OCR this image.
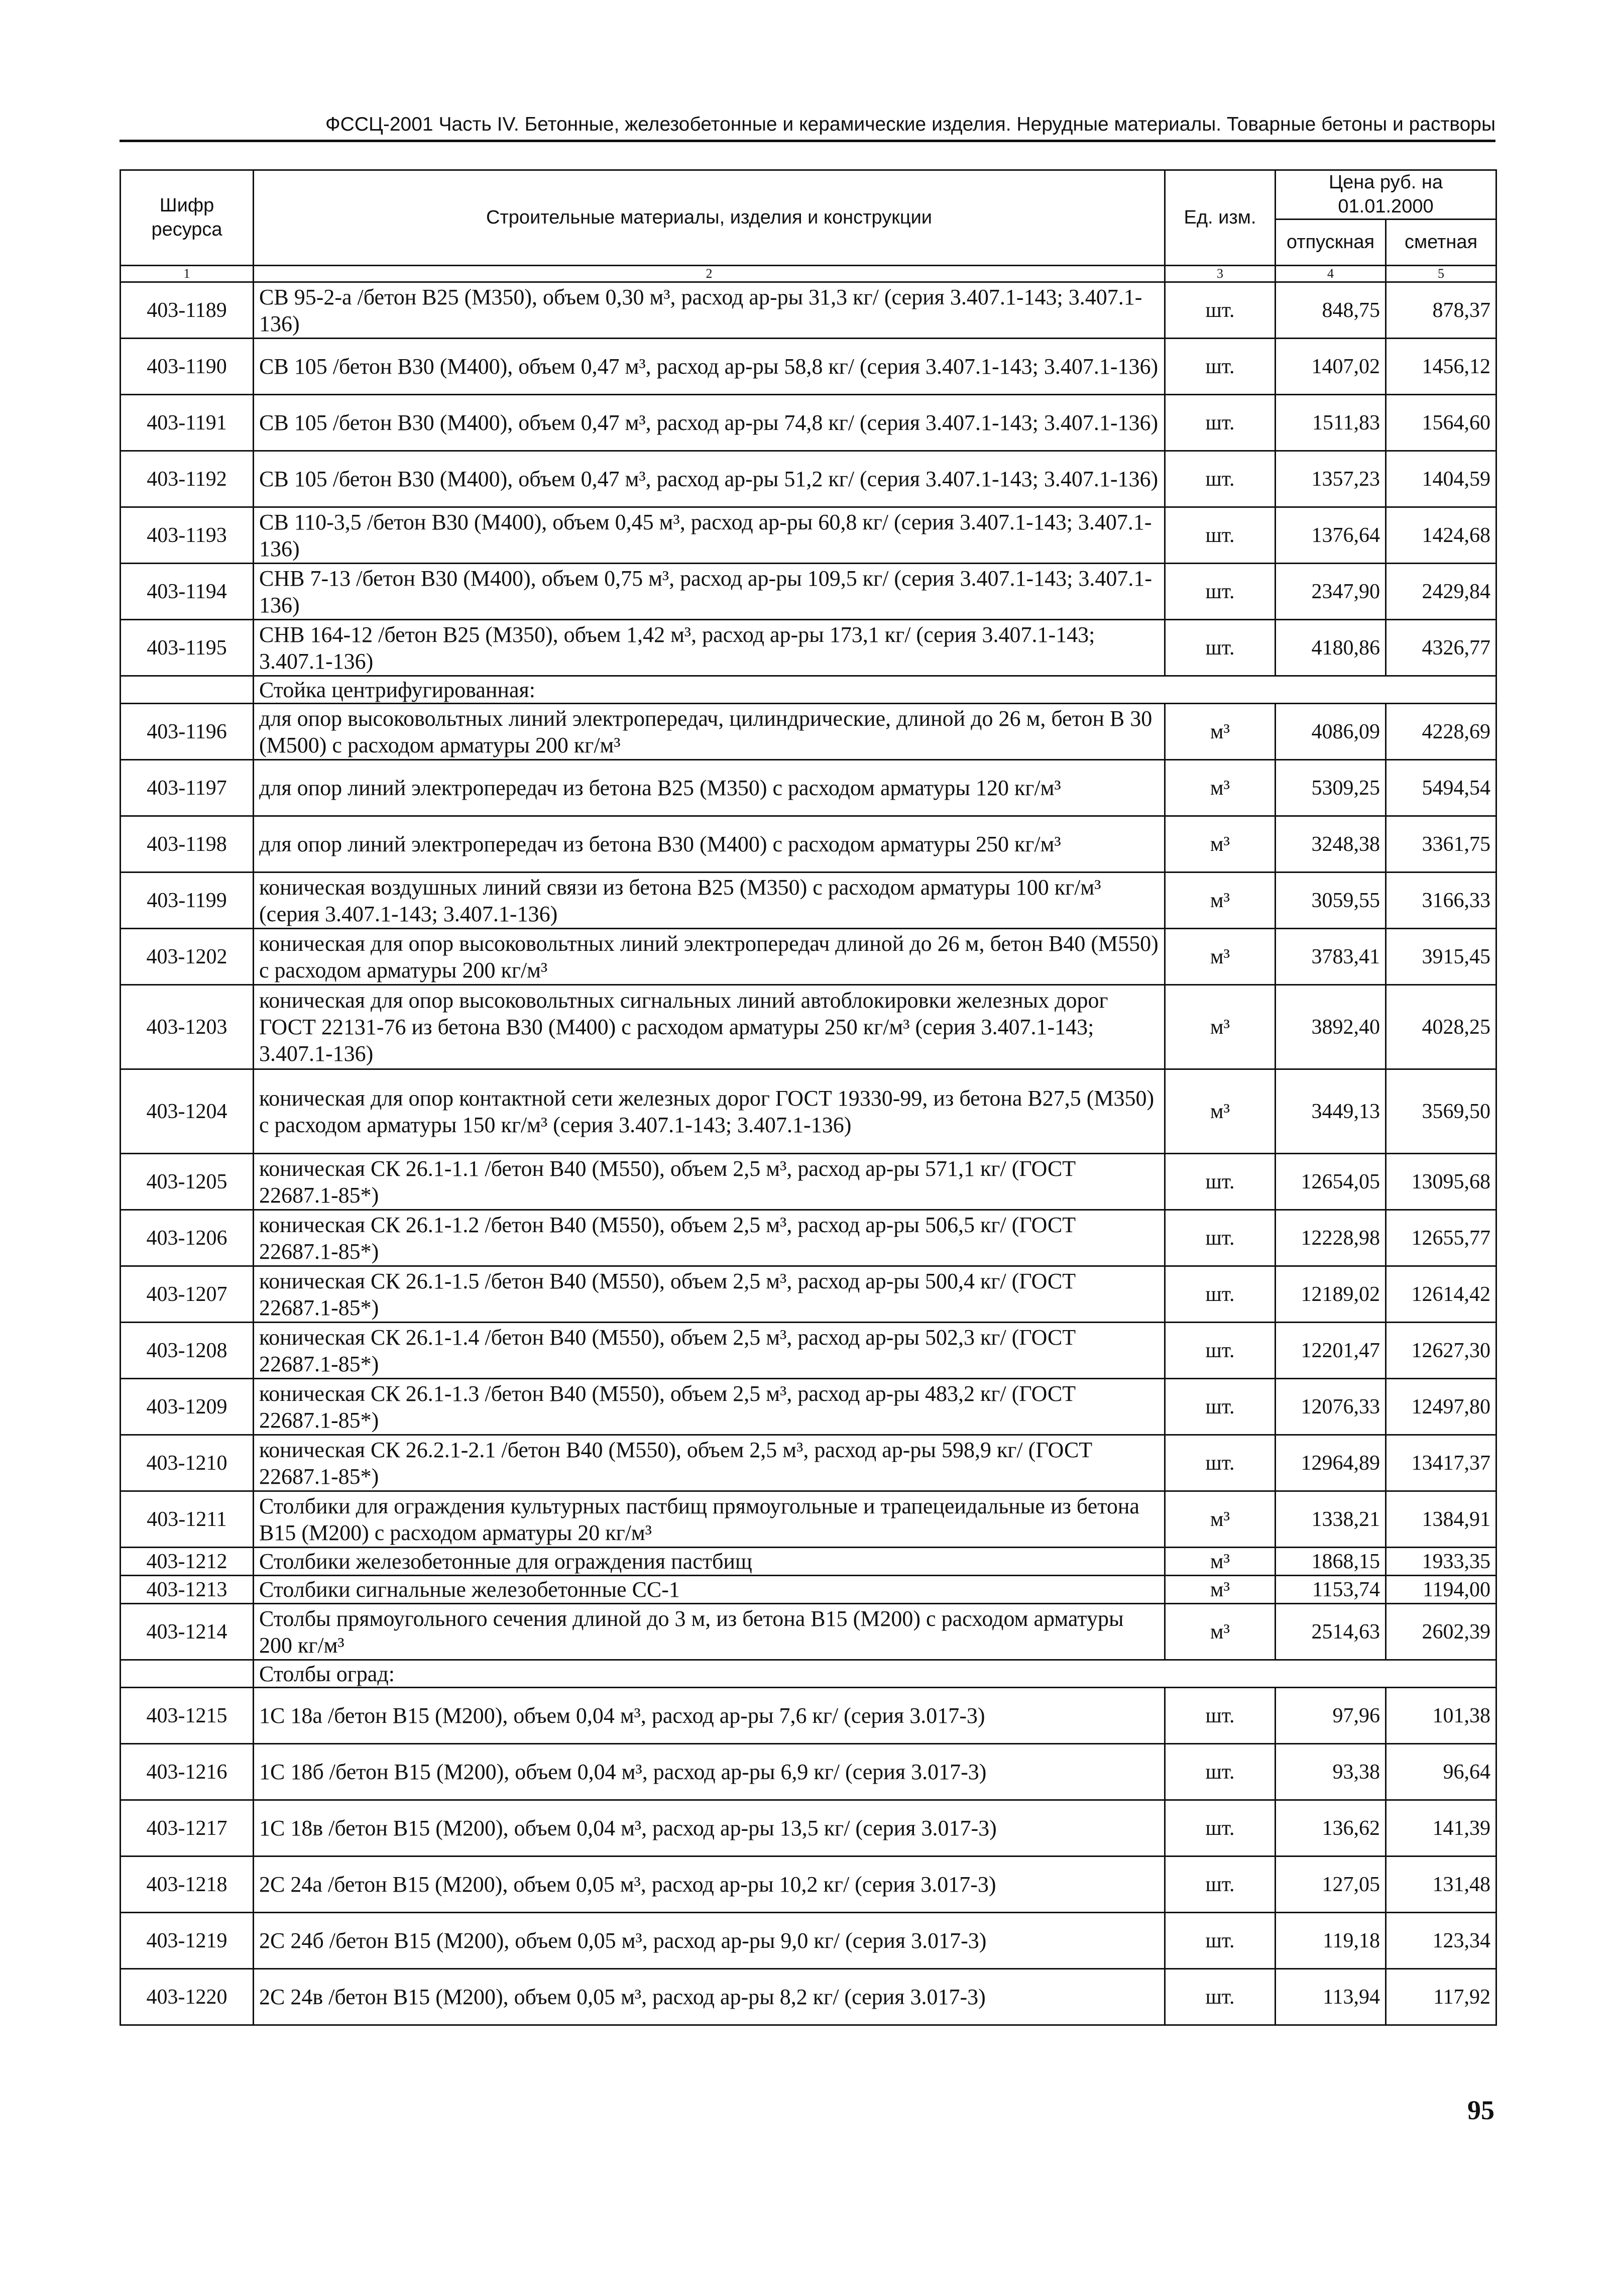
ФССЦ-2001 Часть IV. Бетонные, железобетонные и керамические изделия. Нерудные материалы. Товарные бетоны и растворы
Шифр ресурса	Строительные материалы, изделия и конструкции	Ед. изм.	Цена руб. на 01.01.2000	
			отпускная	сметная
1	2	3	4	5
403-1189	СВ 95-2-а /бетон В25 (М350), объем 0,30 м³, расход ар-ры 31,3 кг/ (серия 3.407.1-143; 3.407.1-136)	шт.	848,75	878,37
403-1190	СВ 105 /бетон В30 (М400), объем 0,47 м³, расход ар-ры 58,8 кг/ (серия 3.407.1-143; 3.407.1-136)	шт.	1407,02	1456,12
403-1191	СВ 105 /бетон В30 (М400), объем 0,47 м³, расход ар-ры 74,8 кг/ (серия 3.407.1-143; 3.407.1-136)	шт.	1511,83	1564,60
403-1192	СВ 105 /бетон В30 (М400), объем 0,47 м³, расход ар-ры 51,2 кг/ (серия 3.407.1-143; 3.407.1-136)	шт.	1357,23	1404,59
403-1193	СВ 110-3,5 /бетон В30 (М400), объем 0,45 м³, расход ар-ры 60,8 кг/ (серия 3.407.1-143; 3.407.1-136)	шт.	1376,64	1424,68
403-1194	СНВ 7-13 /бетон В30 (М400), объем 0,75 м³, расход ар-ры 109,5 кг/ (серия 3.407.1-143; 3.407.1-136)	шт.	2347,90	2429,84
403-1195	СНВ 164-12 /бетон В25 (М350), объем 1,42 м³, расход ар-ры 173,1 кг/ (серия 3.407.1-143; 3.407.1-136)	шт.	4180,86	4326,77
	Стойка центрифугированная:			
403-1196	для опор высоковольтных линий электропередач, цилиндрические, длиной до 26 м, бетон В 30 (М500) с расходом арматуры 200 кг/м³	м³	4086,09	4228,69
403-1197	для опор линий электропередач из бетона В25 (М350) с расходом арматуры 120 кг/м³	м³	5309,25	5494,54
403-1198	для опор линий электропередач из бетона В30 (М400) с расходом арматуры 250 кг/м³	м³	3248,38	3361,75
403-1199	коническая воздушных линий связи из бетона В25 (М350) с расходом арматуры 100 кг/м³ (серия 3.407.1-143; 3.407.1-136)	м³	3059,55	3166,33
403-1202	коническая для опор высоковольтных линий электропередач длиной до 26 м, бетон В40 (М550) с расходом арматуры 200 кг/м³	м³	3783,41	3915,45
403-1203	коническая для опор высоковольтных сигнальных линий автоблокировки железных дорог ГОСТ 22131-76 из бетона В30 (М400) с расходом арматуры 250 кг/м³ (серия 3.407.1-143; 3.407.1-136)	м³	3892,40	4028,25
403-1204	коническая для опор контактной сети железных дорог ГОСТ 19330-99, из бетона В27,5 (М350) с расходом арматуры 150 кг/м³ (серия 3.407.1-143; 3.407.1-136)	м³	3449,13	3569,50
403-1205	коническая СК 26.1-1.1 /бетон В40 (М550), объем 2,5 м³, расход ар-ры 571,1 кг/ (ГОСТ 22687.1-85*)	шт.	12654,05	13095,68
403-1206	коническая СК 26.1-1.2 /бетон В40 (М550), объем 2,5 м³, расход ар-ры 506,5 кг/ (ГОСТ 22687.1-85*)	шт.	12228,98	12655,77
403-1207	коническая СК 26.1-1.5 /бетон В40 (М550), объем 2,5 м³, расход ар-ры 500,4 кг/ (ГОСТ 22687.1-85*)	шт.	12189,02	12614,42
403-1208	коническая СК 26.1-1.4 /бетон В40 (М550), объем 2,5 м³, расход ар-ры 502,3 кг/ (ГОСТ 22687.1-85*)	шт.	12201,47	12627,30
403-1209	коническая СК 26.1-1.3 /бетон В40 (М550), объем 2,5 м³, расход ар-ры 483,2 кг/ (ГОСТ 22687.1-85*)	шт.	12076,33	12497,80
403-1210	коническая СК 26.2.1-2.1 /бетон В40 (М550), объем 2,5 м³, расход ар-ры 598,9 кг/ (ГОСТ 22687.1-85*)	шт.	12964,89	13417,37
403-1211	Столбики для ограждения культурных пастбищ прямоугольные и трапецеидальные из бетона В15 (М200) с расходом арматуры 20 кг/м³	м³	1338,21	1384,91
403-1212	Столбики железобетонные для ограждения пастбищ	м³	1868,15	1933,35
403-1213	Столбики сигнальные железобетонные СС-1	м³	1153,74	1194,00
403-1214	Столбы прямоугольного сечения длиной до 3 м, из бетона В15 (М200) с расходом арматуры 200 кг/м³	м³	2514,63	2602,39
	Столбы оград:			
403-1215	1С 18а /бетон В15 (М200), объем 0,04 м³, расход ар-ры 7,6 кг/ (серия 3.017-3)	шт.	97,96	101,38
403-1216	1С 18б /бетон В15 (М200), объем 0,04 м³, расход ар-ры 6,9 кг/ (серия 3.017-3)	шт.	93,38	96,64
403-1217	1С 18в /бетон В15 (М200), объем 0,04 м³, расход ар-ры 13,5 кг/ (серия 3.017-3)	шт.	136,62	141,39
403-1218	2С 24а /бетон В15 (М200), объем 0,05 м³, расход ар-ры 10,2 кг/ (серия 3.017-3)	шт.	127,05	131,48
403-1219	2С 24б /бетон В15 (М200), объем 0,05 м³, расход ар-ры 9,0 кг/ (серия 3.017-3)	шт.	119,18	123,34
403-1220	2С 24в /бетон В15 (М200), объем 0,05 м³, расход ар-ры 8,2 кг/ (серия 3.017-3)	шт.	113,94	117,92
95
